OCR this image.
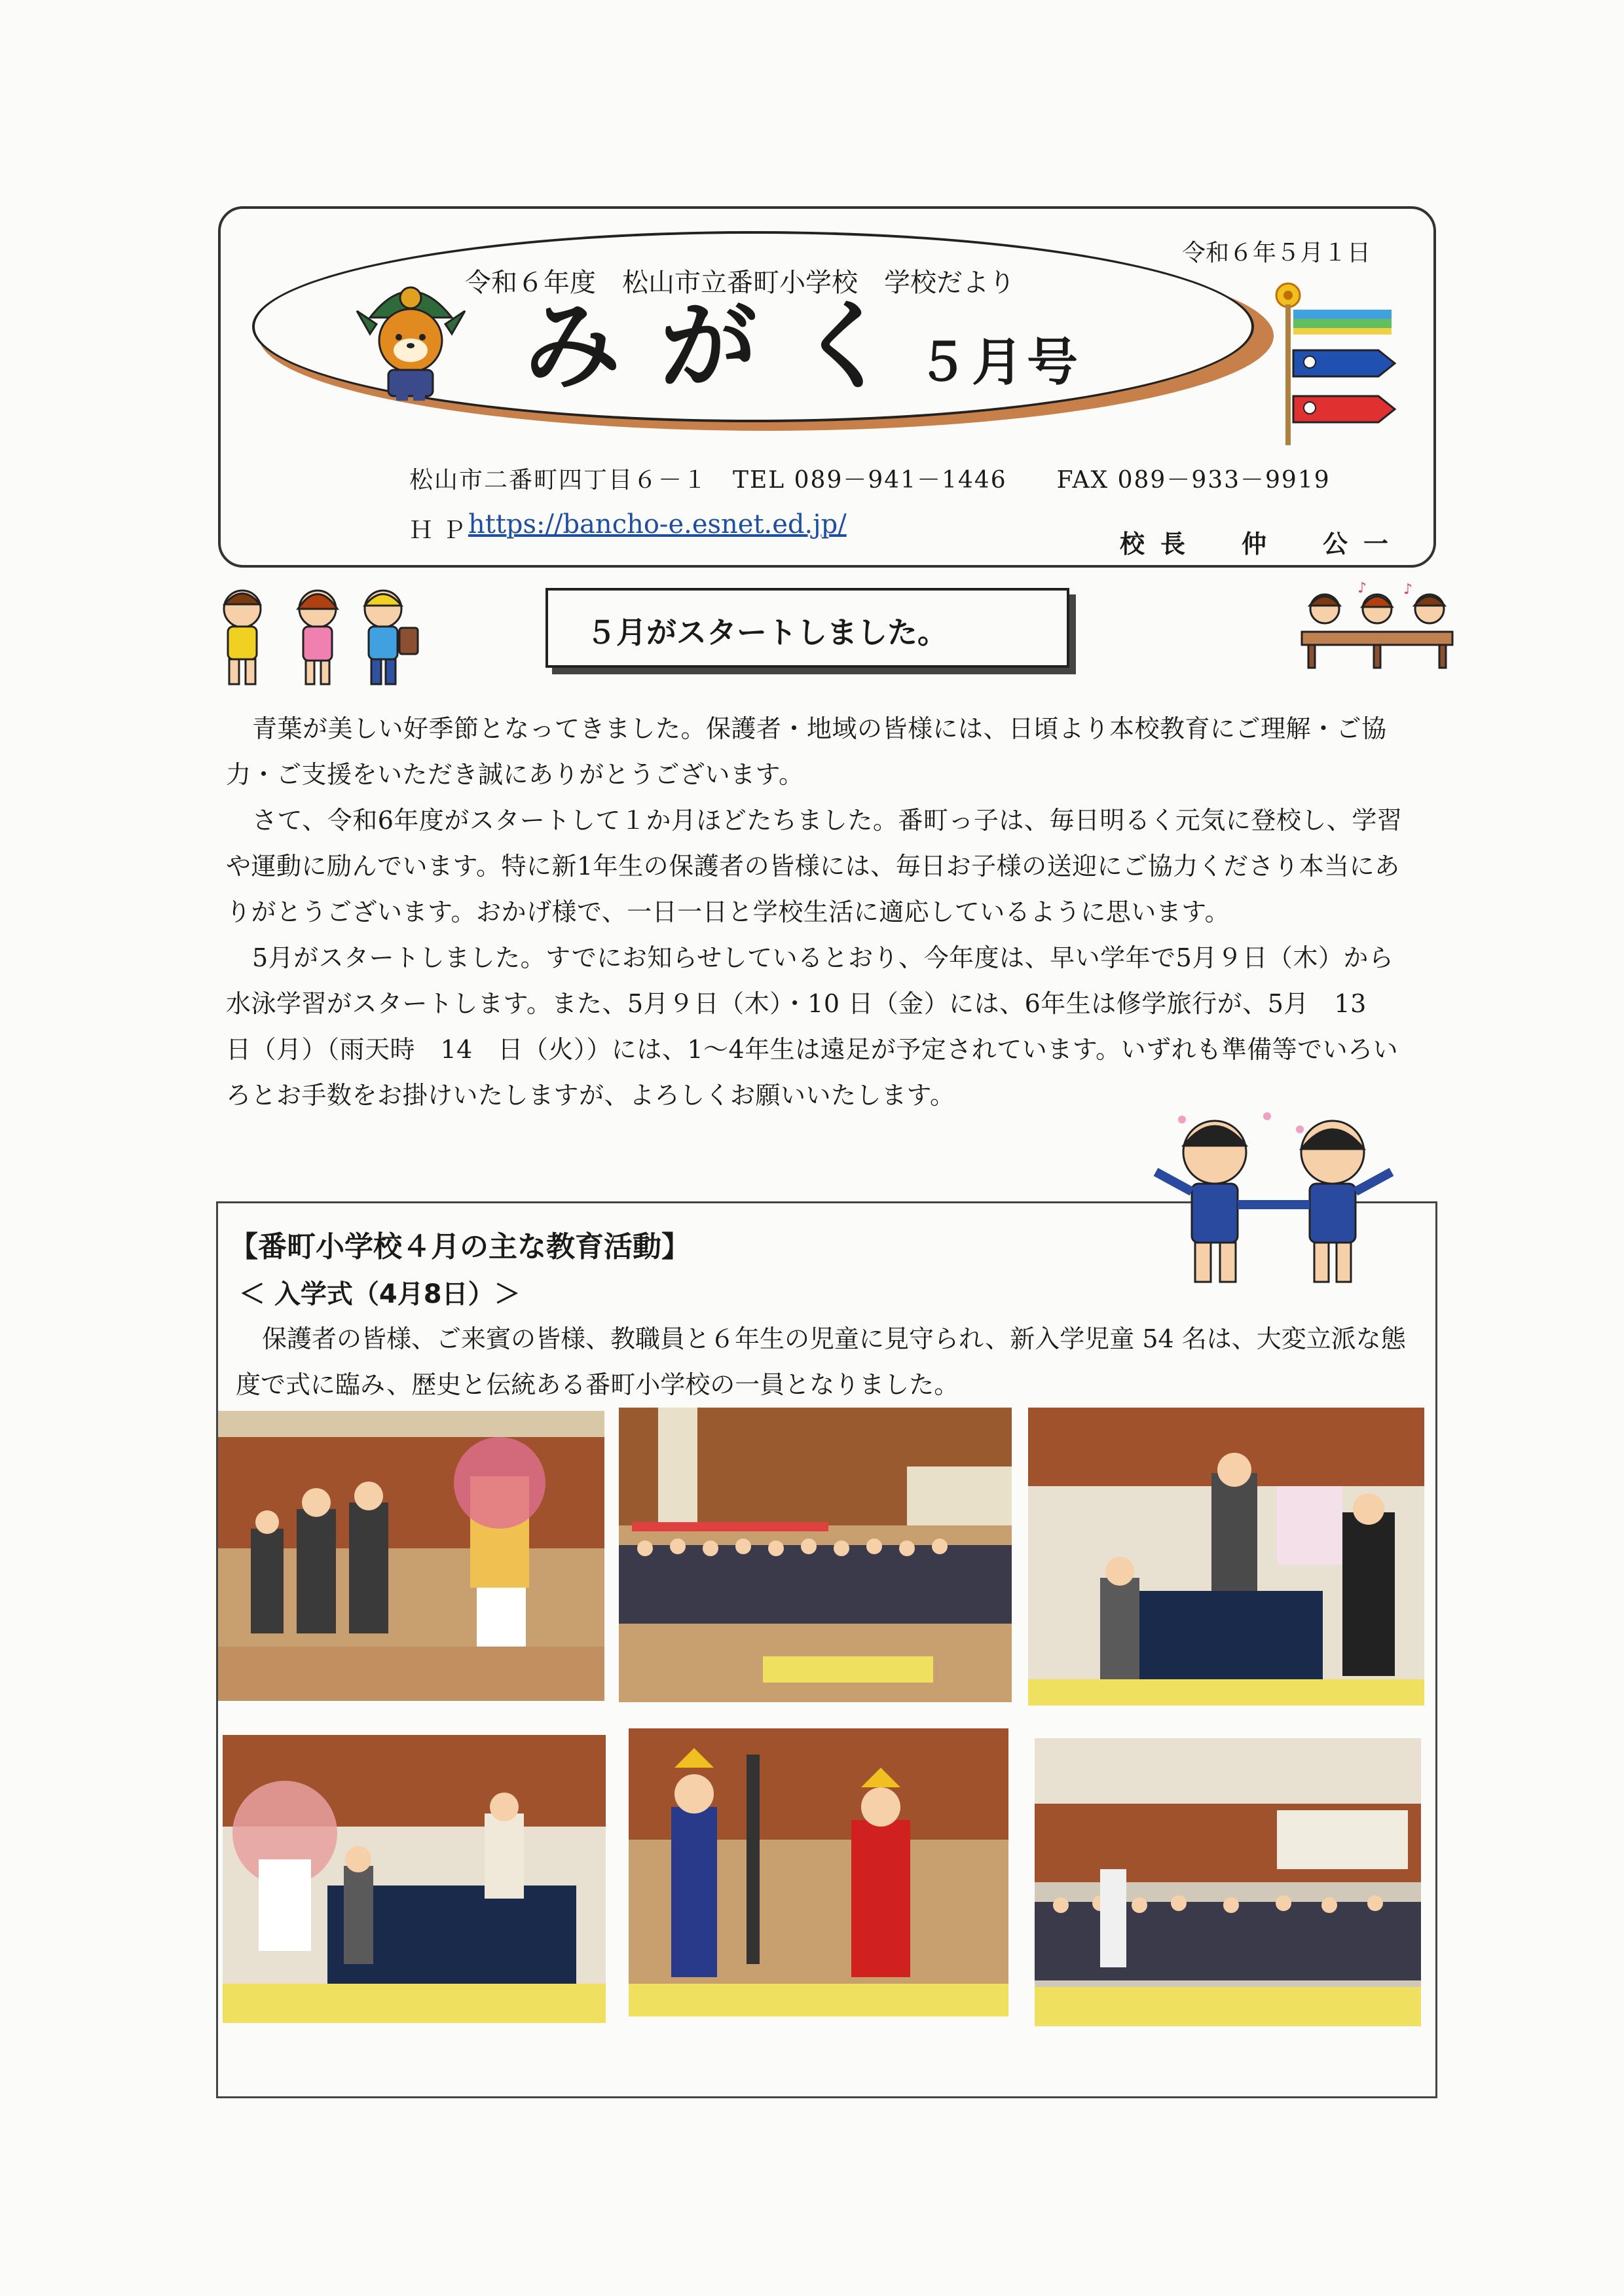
令和６年度　松山市立番町小学校　学校だより
みがく
５月号
令和６年５月１日
松山市二番町四丁目６－１　TEL 089－941－1446　　FAX 089－933－9919
ＨＰ
https://bancho-e.esnet.ed.jp/
校長　仲　公一
５月がスタートしました。
♪	♪
青葉が美しい好季節となってきました。保護者・地域の皆様には、日頃より本校教育にご理解・ご協力・ご支援をいただき誠にありがとうございます。
さて、令和6年度がスタートして１か月ほどたちました。番町っ子は、毎日明るく元気に登校し、学習や運動に励んでいます。特に新1年生の保護者の皆様には、毎日お子様の送迎にご協力くださり本当にありがとうございます。おかげ様で、一日一日と学校生活に適応しているように思います。
5月がスタートしました。すでにお知らせしているとおり、今年度は、早い学年で5月９日（木）から水泳学習がスタートします。また、5月９日（木）・10 日（金）には、6年生は修学旅行が、5月　13　日（月）（雨天時　14　日（火））には、1～4年生は遠足が予定されています。いずれも準備等でいろいろとお手数をお掛けいたしますが、よろしくお願いいたします。
【番町小学校４月の主な教育活動】
＜ 入学式（4月8日）＞
保護者の皆様、ご来賓の皆様、教職員と６年生の児童に見守られ、新入学児童 54 名は、大変立派な態度で式に臨み、歴史と伝統ある番町小学校の一員となりました。
